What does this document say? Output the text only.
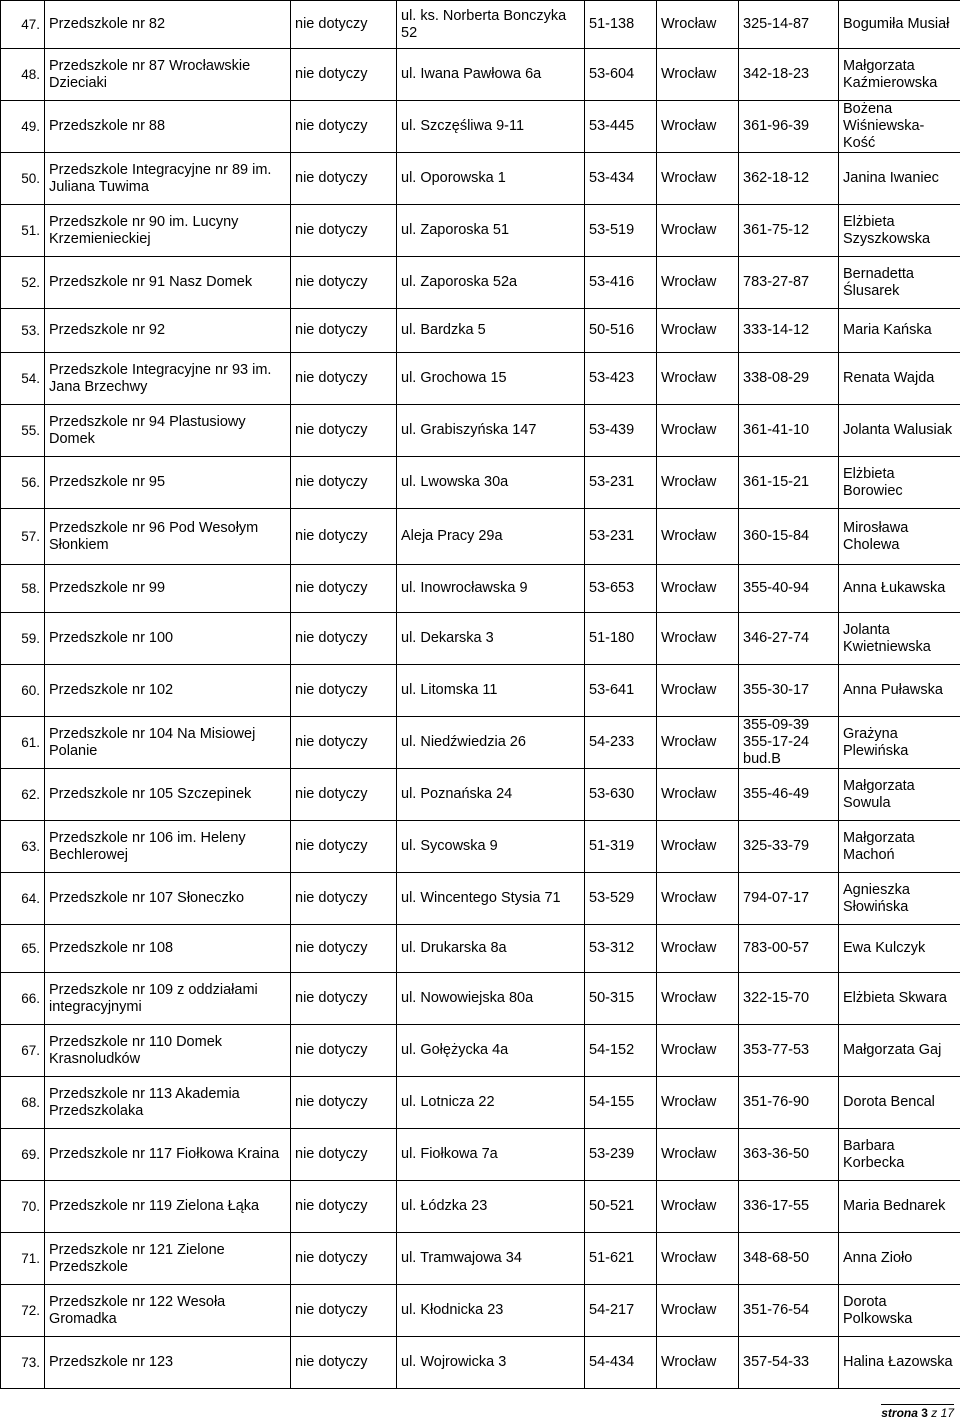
47.	Przedszkole nr 82	nie dotyczy	ul. ks. Norberta Bonczyka 52	51-138	Wrocław	325-14-87	Bogumiła Musiał
48.	Przedszkole nr 87 Wrocławskie Dzieciaki	nie dotyczy	ul. Iwana Pawłowa 6a	53-604	Wrocław	342-18-23	Małgorzata Kaźmierowska
49.	Przedszkole nr 88	nie dotyczy	ul. Szczęśliwa 9-11	53-445	Wrocław	361-96-39	Bożena Wiśniewska-Kość
50.	Przedszkole Integracyjne nr 89 im. Juliana Tuwima	nie dotyczy	ul. Oporowska 1	53-434	Wrocław	362-18-12	Janina Iwaniec
51.	Przedszkole nr 90 im. Lucyny Krzemienieckiej	nie dotyczy	ul. Zaporoska 51	53-519	Wrocław	361-75-12	Elżbieta Szyszkowska
52.	Przedszkole nr 91 Nasz Domek	nie dotyczy	ul. Zaporoska 52a	53-416	Wrocław	783-27-87	Bernadetta Ślusarek
53.	Przedszkole nr 92	nie dotyczy	ul. Bardzka 5	50-516	Wrocław	333-14-12	Maria Kańska
54.	Przedszkole Integracyjne nr 93 im. Jana Brzechwy	nie dotyczy	ul. Grochowa 15	53-423	Wrocław	338-08-29	Renata Wajda
55.	Przedszkole nr 94 Plastusiowy Domek	nie dotyczy	ul. Grabiszyńska 147	53-439	Wrocław	361-41-10	Jolanta Walusiak
56.	Przedszkole nr 95	nie dotyczy	ul. Lwowska 30a	53-231	Wrocław	361-15-21	Elżbieta Borowiec
57.	Przedszkole nr 96 Pod Wesołym Słonkiem	nie dotyczy	Aleja Pracy 29a	53-231	Wrocław	360-15-84	Mirosława Cholewa
58.	Przedszkole nr 99	nie dotyczy	ul. Inowrocławska 9	53-653	Wrocław	355-40-94	Anna Łukawska
59.	Przedszkole nr 100	nie dotyczy	ul. Dekarska 3	51-180	Wrocław	346-27-74	Jolanta Kwietniewska
60.	Przedszkole nr 102	nie dotyczy	ul. Litomska 11	53-641	Wrocław	355-30-17	Anna Puławska
61.	Przedszkole nr 104 Na Misiowej Polanie	nie dotyczy	ul. Niedźwiedzia 26	54-233	Wrocław	355-09-39 355-17-24 bud.B	Grażyna Plewińska
62.	Przedszkole nr 105 Szczepinek	nie dotyczy	ul. Poznańska 24	53-630	Wrocław	355-46-49	Małgorzata Sowula
63.	Przedszkole nr 106 im. Heleny Bechlerowej	nie dotyczy	ul. Sycowska 9	51-319	Wrocław	325-33-79	Małgorzata Machoń
64.	Przedszkole nr 107 Słoneczko	nie dotyczy	ul. Wincentego Stysia 71	53-529	Wrocław	794-07-17	Agnieszka Słowińska
65.	Przedszkole nr 108	nie dotyczy	ul. Drukarska 8a	53-312	Wrocław	783-00-57	Ewa Kulczyk
66.	Przedszkole nr 109 z oddziałami integracyjnymi	nie dotyczy	ul. Nowowiejska 80a	50-315	Wrocław	322-15-70	Elżbieta Skwara
67.	Przedszkole nr 110 Domek Krasnoludków	nie dotyczy	ul. Gołężycka 4a	54-152	Wrocław	353-77-53	Małgorzata Gaj
68.	Przedszkole nr 113 Akademia Przedszkolaka	nie dotyczy	ul. Lotnicza 22	54-155	Wrocław	351-76-90	Dorota Bencal
69.	Przedszkole nr 117 Fiołkowa Kraina	nie dotyczy	ul. Fiołkowa 7a	53-239	Wrocław	363-36-50	Barbara Korbecka
70.	Przedszkole nr 119 Zielona Łąka	nie dotyczy	ul. Łódzka 23	50-521	Wrocław	336-17-55	Maria Bednarek
71.	Przedszkole nr 121 Zielone Przedszkole	nie dotyczy	ul. Tramwajowa 34	51-621	Wrocław	348-68-50	Anna Zioło
72.	Przedszkole nr 122 Wesoła Gromadka	nie dotyczy	ul. Kłodnicka 23	54-217	Wrocław	351-76-54	Dorota Polkowska
73.	Przedszkole nr 123	nie dotyczy	ul. Wojrowicka 3	54-434	Wrocław	357-54-33	Halina Łazowska
strona 3 z 17
